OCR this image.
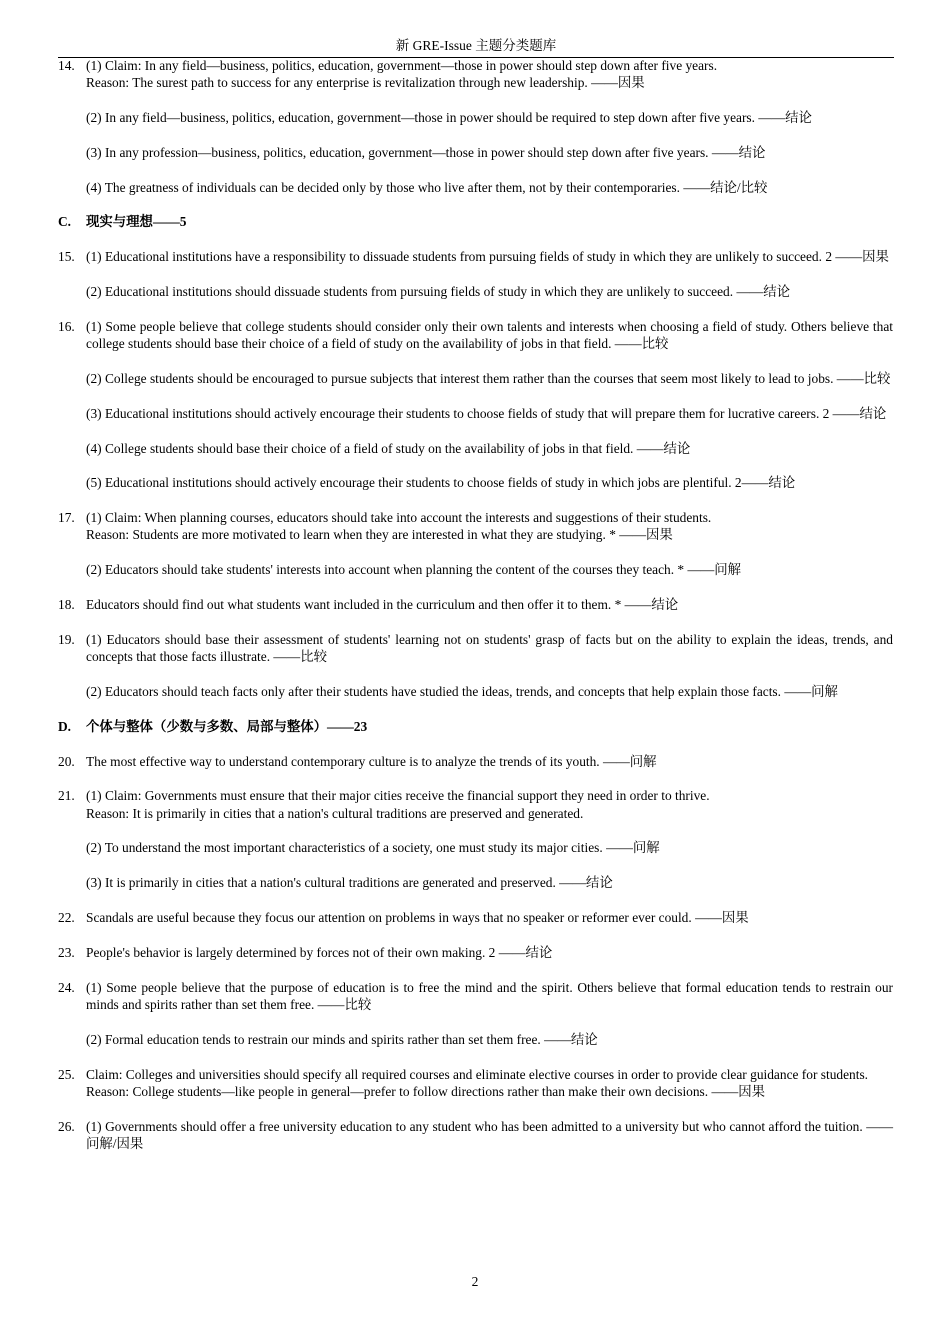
新 GRE-Issue 主题分类题库
14. (1) Claim: In any field—business, politics, education, government—those in power should step down after five years.
Reason: The surest path to success for any enterprise is revitalization through new leadership. ——因果
(2) In any field—business, politics, education, government—those in power should be required to step down after five years. ——结论
(3) In any profession—business, politics, education, government—those in power should step down after five years. ——结论
(4) The greatness of individuals can be decided only by those who live after them, not by their contemporaries. ——结论/比较
C. 现实与理想——5
15. (1) Educational institutions have a responsibility to dissuade students from pursuing fields of study in which they are unlikely to succeed. 2 ——因果
(2) Educational institutions should dissuade students from pursuing fields of study in which they are unlikely to succeed. ——结论
16. (1) Some people believe that college students should consider only their own talents and interests when choosing a field of study. Others believe that college students should base their choice of a field of study on the availability of jobs in that field. ——比较
(2) College students should be encouraged to pursue subjects that interest them rather than the courses that seem most likely to lead to jobs. ——比较
(3) Educational institutions should actively encourage their students to choose fields of study that will prepare them for lucrative careers. 2 ——结论
(4) College students should base their choice of a field of study on the availability of jobs in that field. ——结论
(5) Educational institutions should actively encourage their students to choose fields of study in which jobs are plentiful. 2——结论
17. (1) Claim: When planning courses, educators should take into account the interests and suggestions of their students.
Reason: Students are more motivated to learn when they are interested in what they are studying. * ——因果
(2) Educators should take students' interests into account when planning the content of the courses they teach. * ——问解
18. Educators should find out what students want included in the curriculum and then offer it to them. * ——结论
19. (1) Educators should base their assessment of students' learning not on students' grasp of facts but on the ability to explain the ideas, trends, and concepts that those facts illustrate. ——比较
(2) Educators should teach facts only after their students have studied the ideas, trends, and concepts that help explain those facts. ——问解
D. 个体与整体（少数与多数、局部与整体）——23
20. The most effective way to understand contemporary culture is to analyze the trends of its youth. ——问解
21. (1) Claim: Governments must ensure that their major cities receive the financial support they need in order to thrive.
Reason: It is primarily in cities that a nation's cultural traditions are preserved and generated.
(2) To understand the most important characteristics of a society, one must study its major cities. ——问解
(3) It is primarily in cities that a nation's cultural traditions are generated and preserved. ——结论
22. Scandals are useful because they focus our attention on problems in ways that no speaker or reformer ever could. ——因果
23. People's behavior is largely determined by forces not of their own making. 2 ——结论
24. (1) Some people believe that the purpose of education is to free the mind and the spirit. Others believe that formal education tends to restrain our minds and spirits rather than set them free. ——比较
(2) Formal education tends to restrain our minds and spirits rather than set them free. ——结论
25. Claim: Colleges and universities should specify all required courses and eliminate elective courses in order to provide clear guidance for students.
Reason: College students—like people in general—prefer to follow directions rather than make their own decisions. ——因果
26. (1) Governments should offer a free university education to any student who has been admitted to a university but who cannot afford the tuition. ——问解/因果
2
